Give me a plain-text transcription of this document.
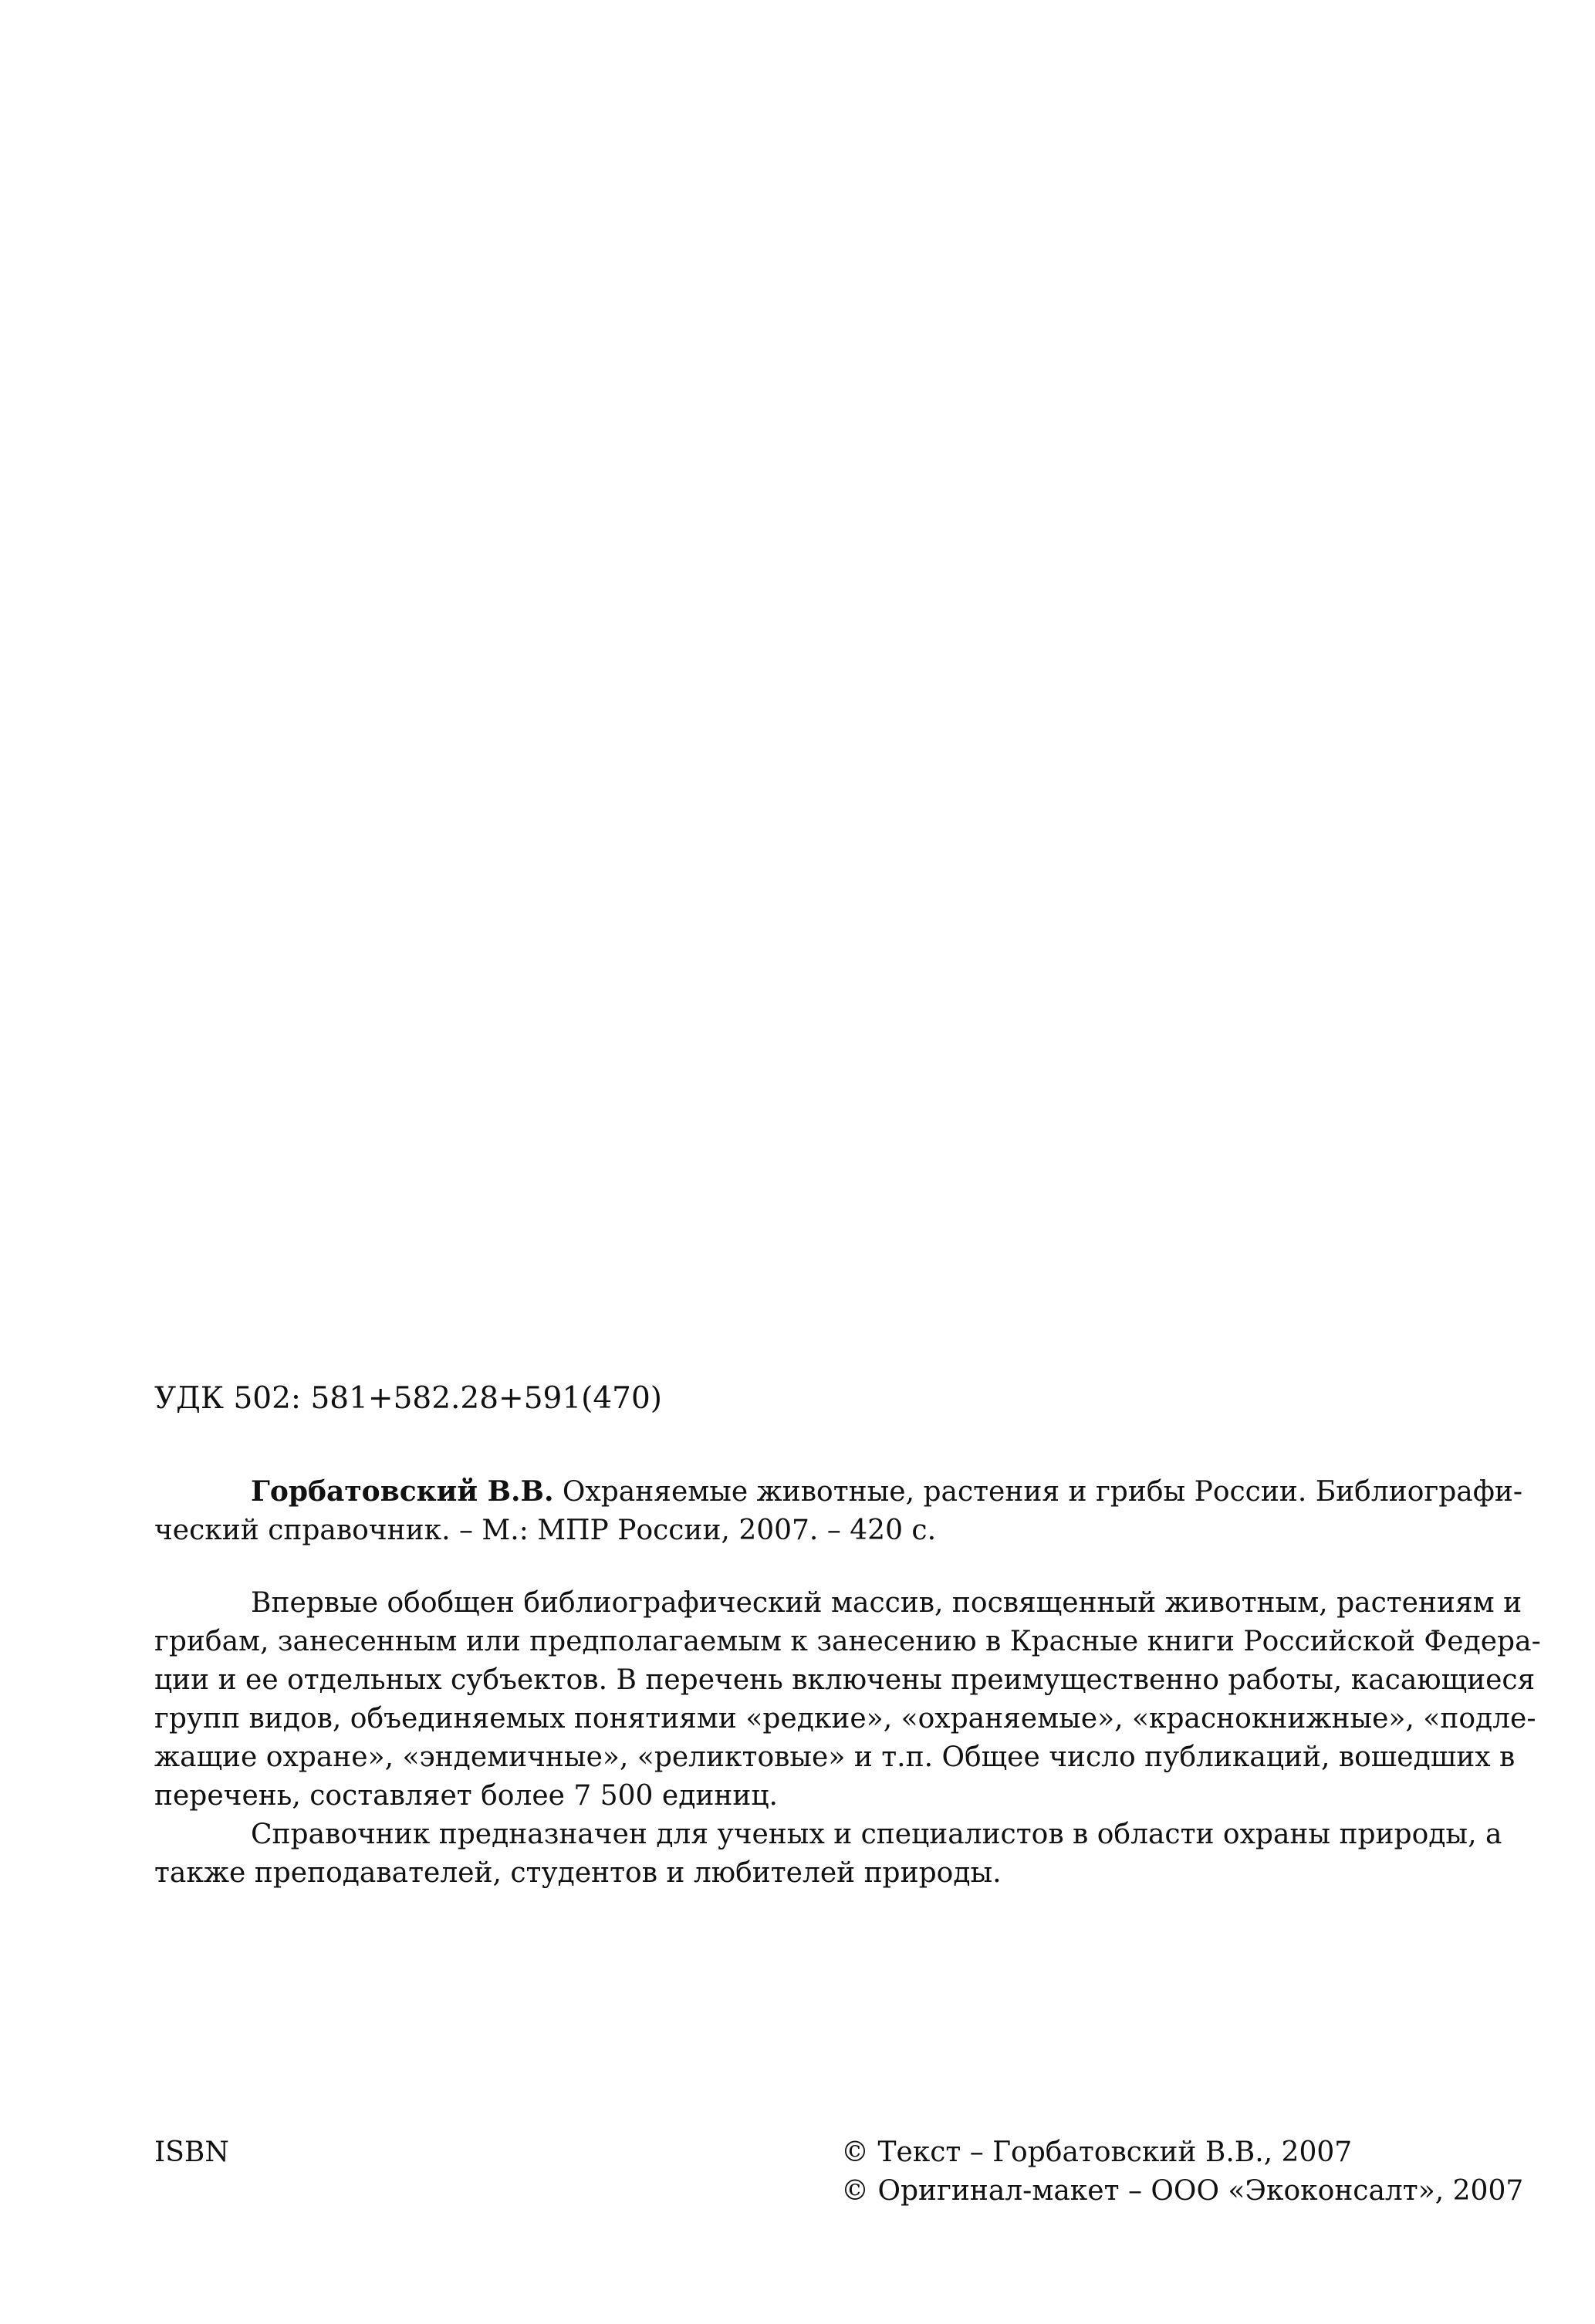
УДК 502: 581+582.28+591(470)

Горбатовский В.В. Охраняемые животные, растения и грибы России. Библиографи-
ческий справочник. – М.: МПР России, 2007. – 420 с.

Впервые обобщен библиографический массив, посвященный животным, растениям и
грибам, занесенным или предполагаемым к занесению в Красные книги Российской Федера-
ции и ее отдельных субъектов. В перечень включены преимущественно работы, касающиеся
групп видов, объединяемых понятиями «редкие», «охраняемые», «краснокнижные», «подле-
жащие охране», «эндемичные», «реликтовые» и т.п. Общее число публикаций, вошедших в
перечень, составляет более 7 500 единиц.

Справочник предназначен для ученых и специалистов в области охраны природы, а
также преподавателей, студентов и любителей природы.

ISBN	© Текст – Горбатовский В.В., 2007
© Оригинал-макет – ООО «Экоконсалт», 2007
